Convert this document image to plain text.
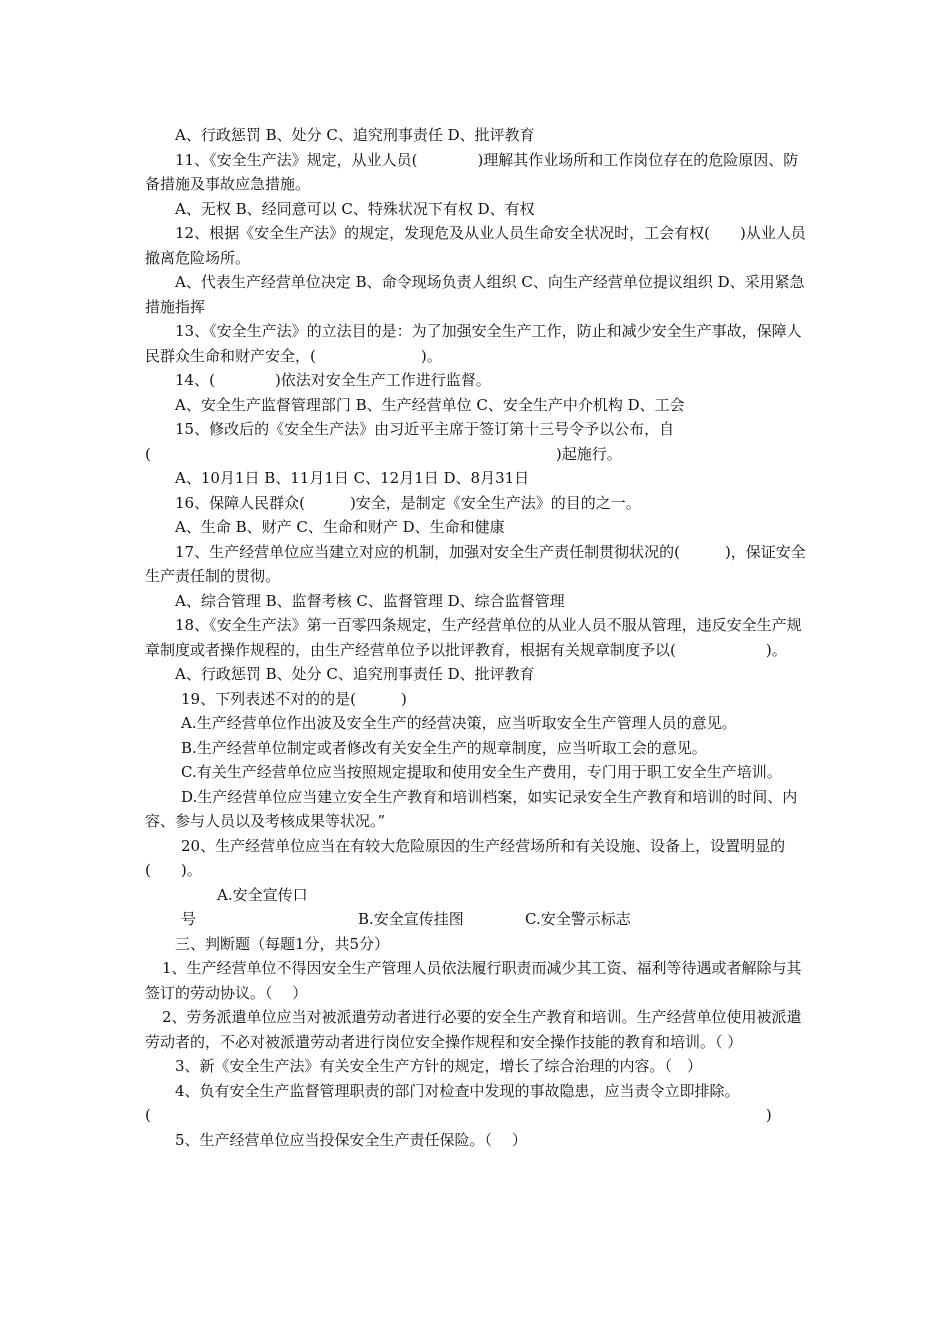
A、行政惩罚 B、处分 C、追究刑事责任 D、批评教育

11、《安全生产法》规定，从业人员(　　　　)理解其作业场所和工作岗位存在的危险原因、防备措施及事故应急措施。

A、无权 B、经同意可以 C、特殊状况下有权 D、有权

12、根据《安全生产法》的规定，发现危及从业人员生命安全状况时，工会有权(　　)从业人员撤离危险场所。

A、代表生产经营单位决定 B、命令现场负责人组织 C、向生产经营单位提议组织 D、采用紧急措施指挥

13、《安全生产法》的立法目的是：为了加强安全生产工作，防止和减少安全生产事故，保障人民群众生命和财产安全，(　　　　　　　)。

14、(　　　　)依法对安全生产工作进行监督。

A、安全生产监督管理部门 B、生产经营单位 C、安全生产中介机构 D、工会

15、修改后的《安全生产法》由习近平主席于签订第十三号令予以公布，自(　　　　　　　　　　　　　　　　　　　　　　　　　　　)起施行。

A、10月1日 B、11月1日 C、12月1日 D、8月31日

16、保障人民群众(　　　)安全，是制定《安全生产法》的目的之一。

A、生命 B、财产 C、生命和财产 D、生命和健康

17、生产经营单位应当建立对应的机制，加强对安全生产责任制贯彻状况的(　　　)，保证安全生产责任制的贯彻。

A、综合管理 B、监督考核 C、监督管理 D、综合监督管理

18、《安全生产法》第一百零四条规定，生产经营单位的从业人员不服从管理，违反安全生产规章制度或者操作规程的，由生产经营单位予以批评教育，根据有关规章制度予以(　　　　　　)。

A、行政惩罚 B、处分 C、追究刑事责任 D、批评教育

19、下列表述不对的的是(　　　)

A.生产经营单位作出波及安全生产的经营决策，应当听取安全生产管理人员的意见。

B.生产经营单位制定或者修改有关安全生产的规章制度，应当听取工会的意见。

C.有关生产经营单位应当按照规定提取和使用安全生产费用，专门用于职工安全生产培训。

D.生产经营单位应当建立安全生产教育和培训档案，如实记录安全生产教育和培训的时间、内容、参与人员以及考核成果等状况。”

20、生产经营单位应当在有较大危险原因的生产经营场所和有关设施、设备上，设置明显的(　　)。

A.安全宣传口号	B.安全宣传挂图	C.安全警示标志

三、判断题（每题1分，共5分）

1、生产经营单位不得因安全生产管理人员依法履行职责而减少其工资、福利等待遇或者解除与其签订的劳动协议。（　 ）

2、劳务派遣单位应当对被派遣劳动者进行必要的安全生产教育和培训。生产经营单位使用被派遣劳动者的，不必对被派遣劳动者进行岗位安全操作规程和安全操作技能的教育和培训。（ ）

3、新《安全生产法》有关安全生产方针的规定，增长了综合治理的内容。（　）

4、负有安全生产监督管理职责的部门对检查中发现的事故隐患，应当责令立即排除。(　　　　　　　　　　　　　　　　　　　　　　　　　　　　　　　　　　　　　　　　　)

5、生产经营单位应当投保安全生产责任保险。（　 ）
